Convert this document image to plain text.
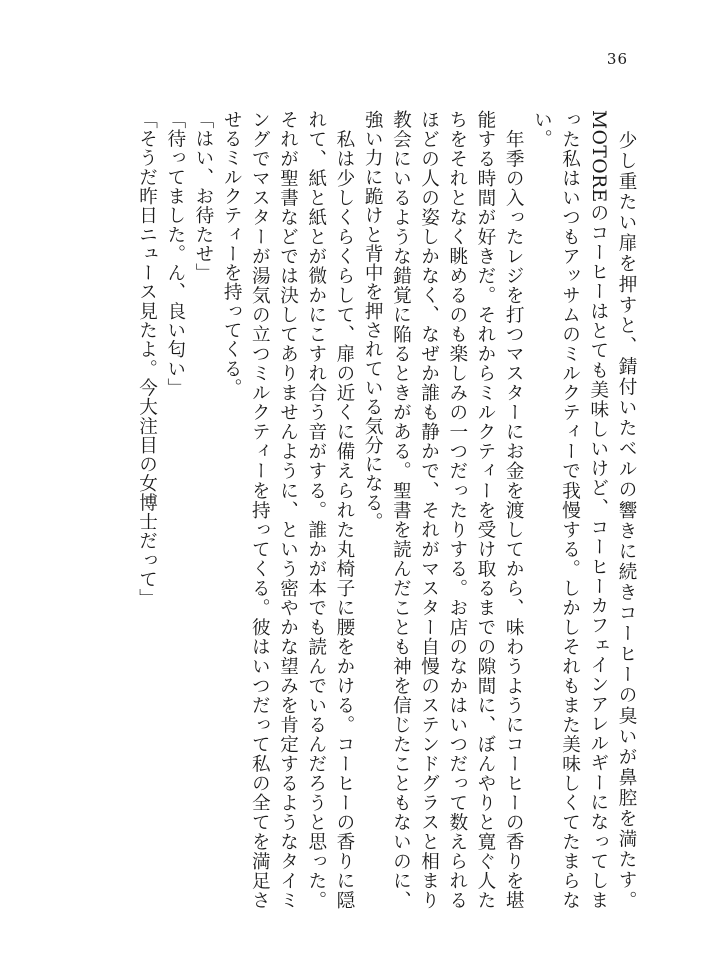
36

　少し重たい扉を押すと、錆付いたベルの響きに続きコーヒーの臭いが鼻腔を満たす。MOTOREのコーヒーはとても美味しいけど、コーヒーカフェインアレルギーになってしまった私はいつもアッサムのミルクティーで我慢する。しかしそれもまた美味しくてたまらない。

　年季の入ったレジを打つマスターにお金を渡してから、味わうようにコーヒーの香りを堪能する時間が好きだ。それからミルクティーを受け取るまでの隙間に、ぼんやりと寛ぐ人たちをそれとなく眺めるのも楽しみの一つだったりする。お店のなかはいつだって数えられるほどの人の姿しかなく、なぜか誰も静かで、それがマスター自慢のステンドグラスと相まり教会にいるような錯覚に陥るときがある。聖書を読んだことも神を信じたこともないのに、強い力に跪けと背中を押されている気分になる。

　私は少しくらくらして、扉の近くに備えられた丸椅子に腰をかける。コーヒーの香りに隠れて、紙と紙とが微かにこすれ合う音がする。誰かが本でも読んでいるんだろうと思った。それが聖書などでは決してありませんように、という密やかな望みを肯定するようなタイミングでマスターが湯気の立つミルクティーを持ってくる。彼はいつだって私の全てを満足させるミルクティーを持ってくる。

「はい、お待たせ」

「待ってました。ん、良い匂い」

「そうだ昨日ニュース見たよ。今大注目の女博士だって」
